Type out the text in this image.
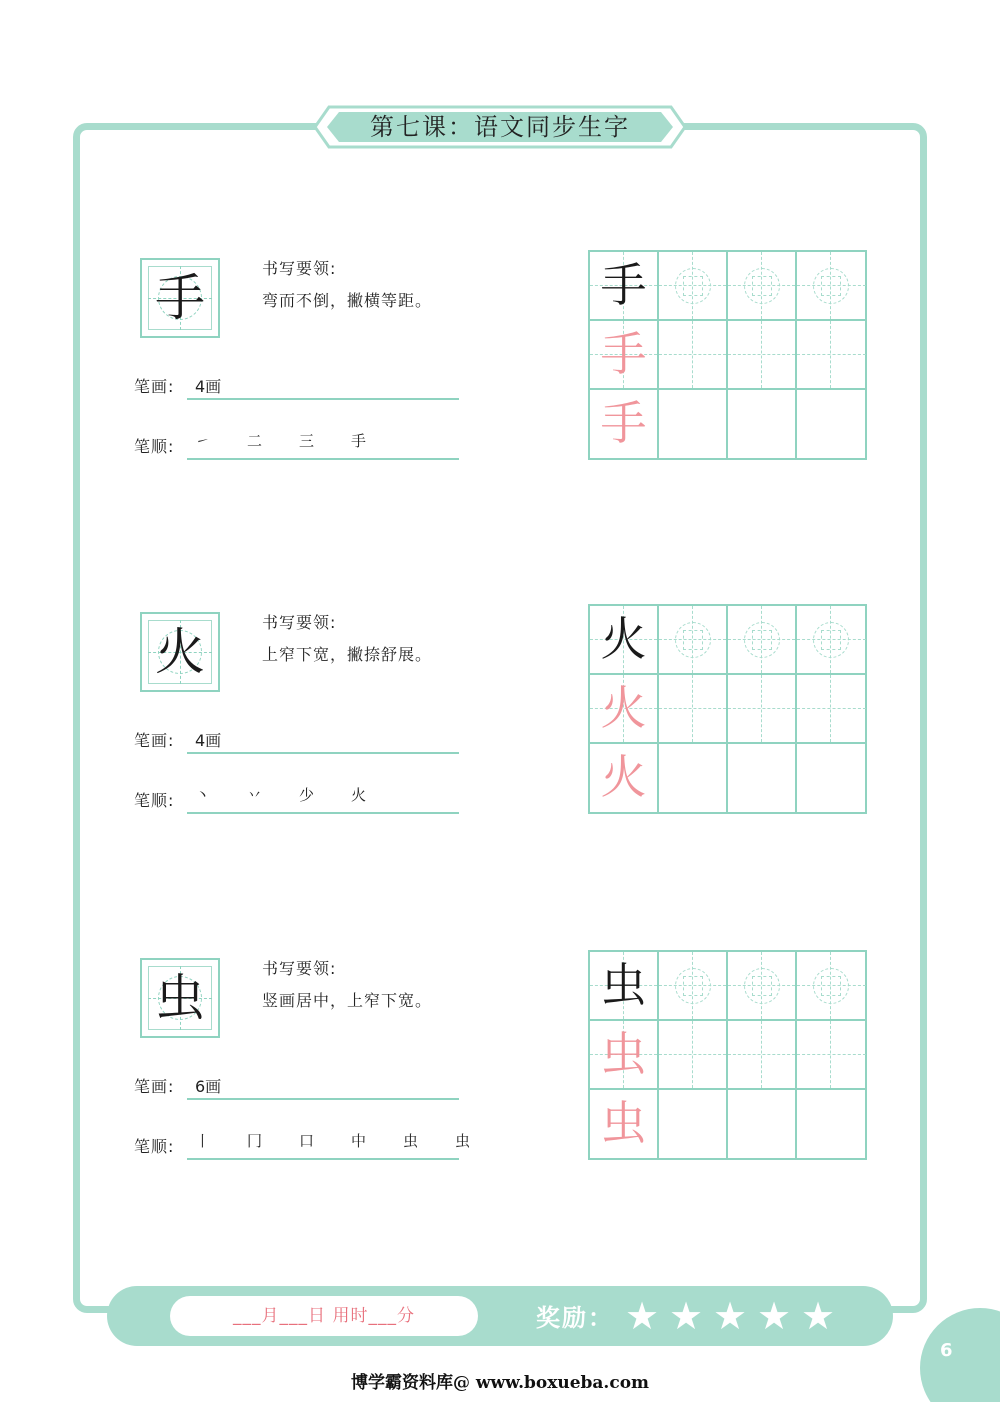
第七课：语文同步生字
手
书写要领:
弯而不倒，撇横等距。
笔画: 4画
笔顺: ㇀	二	三	手
手
手
手
火
书写要领:
上窄下宽，撇捺舒展。
笔画: 4画
笔顺: 丶	丷	少	火
火
火
火
虫
书写要领:
竖画居中，上窄下宽。
笔画: 6画
笔顺: 丨	冂	口	中	虫	虫
虫
虫
虫
___月___日 用时___分	奖励： ★ ★ ★ ★ ★
6
博学霸资料库@ www.boxueba.com
